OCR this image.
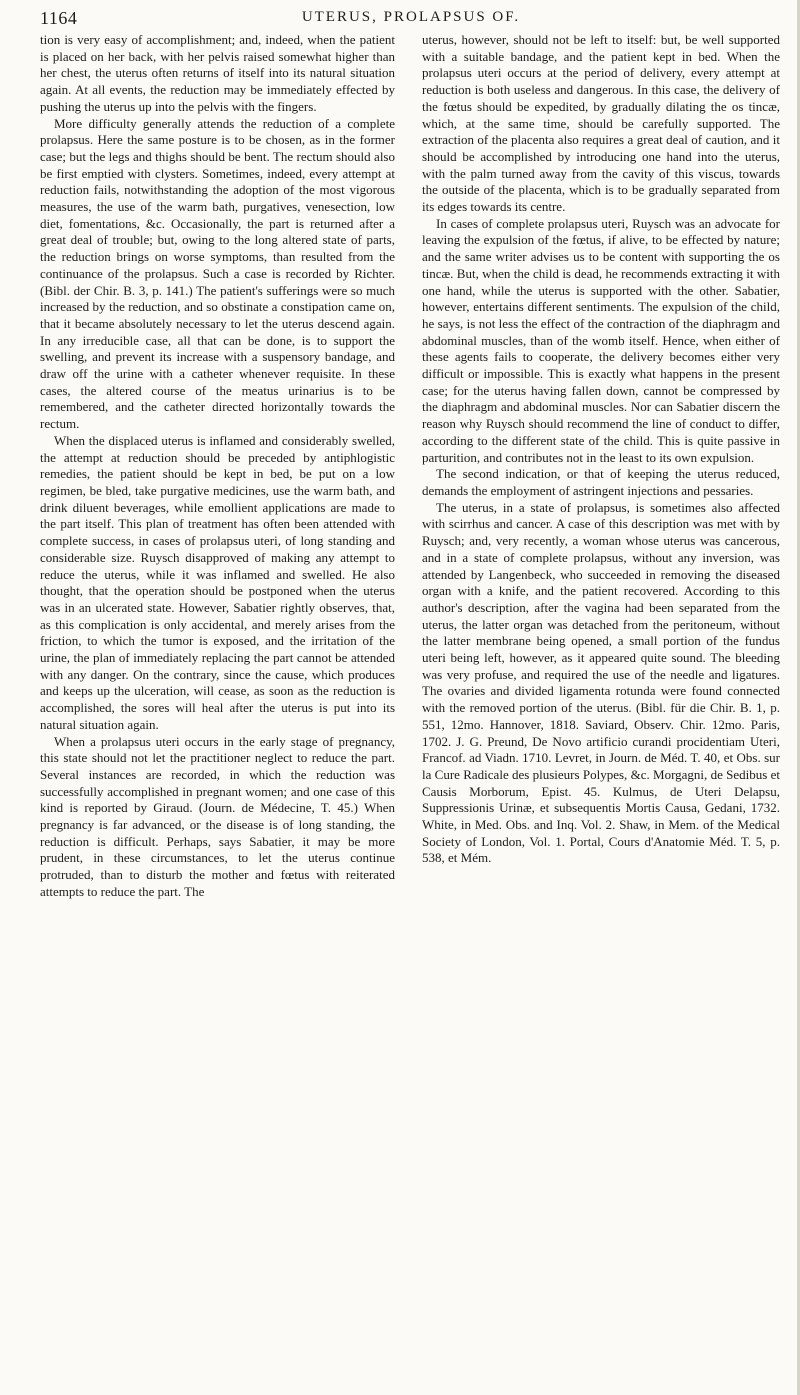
1164	UTERUS, PROLAPSUS OF.

tion is very easy of accomplishment; and, indeed, when the patient is placed on her back, with her pelvis raised somewhat higher than her chest, the uterus often returns of itself into its natural situation again. At all events, the reduction may be immediately effected by pushing the uterus up into the pelvis with the fingers.

More difficulty generally attends the reduction of a complete prolapsus. Here the same posture is to be chosen, as in the former case; but the legs and thighs should be bent. The rectum should also be first emptied with clysters. Sometimes, indeed, every attempt at reduction fails, notwithstanding the adoption of the most vigorous measures, the use of the warm bath, purgatives, venesection, low diet, fomentations, &c. Occasionally, the part is returned after a great deal of trouble; but, owing to the long altered state of parts, the reduction brings on worse symptoms, than resulted from the continuance of the prolapsus. Such a case is recorded by Richter. (Bibl. der Chir. B. 3, p. 141.) The patient's sufferings were so much increased by the reduction, and so obstinate a constipation came on, that it became absolutely necessary to let the uterus descend again. In any irreducible case, all that can be done, is to support the swelling, and prevent its increase with a suspensory bandage, and draw off the urine with a catheter whenever requisite. In these cases, the altered course of the meatus urinarius is to be remembered, and the catheter directed horizontally towards the rectum.

When the displaced uterus is inflamed and considerably swelled, the attempt at reduction should be preceded by antiphlogistic remedies, the patient should be kept in bed, be put on a low regimen, be bled, take purgative medicines, use the warm bath, and drink diluent beverages, while emollient applications are made to the part itself. This plan of treatment has often been attended with complete success, in cases of prolapsus uteri, of long standing and considerable size. Ruysch disapproved of making any attempt to reduce the uterus, while it was inflamed and swelled. He also thought, that the operation should be postponed when the uterus was in an ulcerated state. However, Sabatier rightly observes, that, as this complication is only accidental, and merely arises from the friction, to which the tumor is exposed, and the irritation of the urine, the plan of immediately replacing the part cannot be attended with any danger. On the contrary, since the cause, which produces and keeps up the ulceration, will cease, as soon as the reduction is accomplished, the sores will heal after the uterus is put into its natural situation again.

When a prolapsus uteri occurs in the early stage of pregnancy, this state should not let the practitioner neglect to reduce the part. Several instances are recorded, in which the reduction was successfully accomplished in pregnant women; and one case of this kind is reported by Giraud. (Journ. de Médecine, T. 45.) When pregnancy is far advanced, or the disease is of long standing, the reduction is difficult. Perhaps, says Sabatier, it may be more prudent, in these circumstances, to let the uterus continue protruded, than to disturb the mother and fœtus with reiterated attempts to reduce the part. The

uterus, however, should not be left to itself: but, be well supported with a suitable bandage, and the patient kept in bed. When the prolapsus uteri occurs at the period of delivery, every attempt at reduction is both useless and dangerous. In this case, the delivery of the fœtus should be expedited, by gradually dilating the os tincæ, which, at the same time, should be carefully supported. The extraction of the placenta also requires a great deal of caution, and it should be accomplished by introducing one hand into the uterus, with the palm turned away from the cavity of this viscus, towards the outside of the placenta, which is to be gradually separated from its edges towards its centre.

In cases of complete prolapsus uteri, Ruysch was an advocate for leaving the expulsion of the fœtus, if alive, to be effected by nature; and the same writer advises us to be content with supporting the os tincæ. But, when the child is dead, he recommends extracting it with one hand, while the uterus is supported with the other. Sabatier, however, entertains different sentiments. The expulsion of the child, he says, is not less the effect of the contraction of the diaphragm and abdominal muscles, than of the womb itself. Hence, when either of these agents fails to cooperate, the delivery becomes either very difficult or impossible. This is exactly what happens in the present case; for the uterus having fallen down, cannot be compressed by the diaphragm and abdominal muscles. Nor can Sabatier discern the reason why Ruysch should recommend the line of conduct to differ, according to the different state of the child. This is quite passive in parturition, and contributes not in the least to its own expulsion.

The second indication, or that of keeping the uterus reduced, demands the employment of astringent injections and pessaries.

The uterus, in a state of prolapsus, is sometimes also affected with scirrhus and cancer. A case of this description was met with by Ruysch; and, very recently, a woman whose uterus was cancerous, and in a state of complete prolapsus, without any inversion, was attended by Langenbeck, who succeeded in removing the diseased organ with a knife, and the patient recovered. According to this author's description, after the vagina had been separated from the uterus, the latter organ was detached from the peritoneum, without the latter membrane being opened, a small portion of the fundus uteri being left, however, as it appeared quite sound. The bleeding was very profuse, and required the use of the needle and ligatures. The ovaries and divided ligamenta rotunda were found connected with the removed portion of the uterus. (Bibl. für die Chir. B. 1, p. 551, 12mo. Hannover, 1818. Saviard, Observ. Chir. 12mo. Paris, 1702. J. G. Preund, De Novo artificio curandi procidentiam Uteri, Francof. ad Viadn. 1710. Levret, in Journ. de Méd. T. 40, et Obs. sur la Cure Radicale des plusieurs Polypes, &c. Morgagni, de Sedibus et Causis Morborum, Epist. 45. Kulmus, de Uteri Delapsu, Suppressionis Urinæ, et subsequentis Mortis Causa, Gedani, 1732. White, in Med. Obs. and Inq. Vol. 2. Shaw, in Mem. of the Medical Society of London, Vol. 1. Portal, Cours d'Anatomie Méd. T. 5, p. 538, et Mém.
